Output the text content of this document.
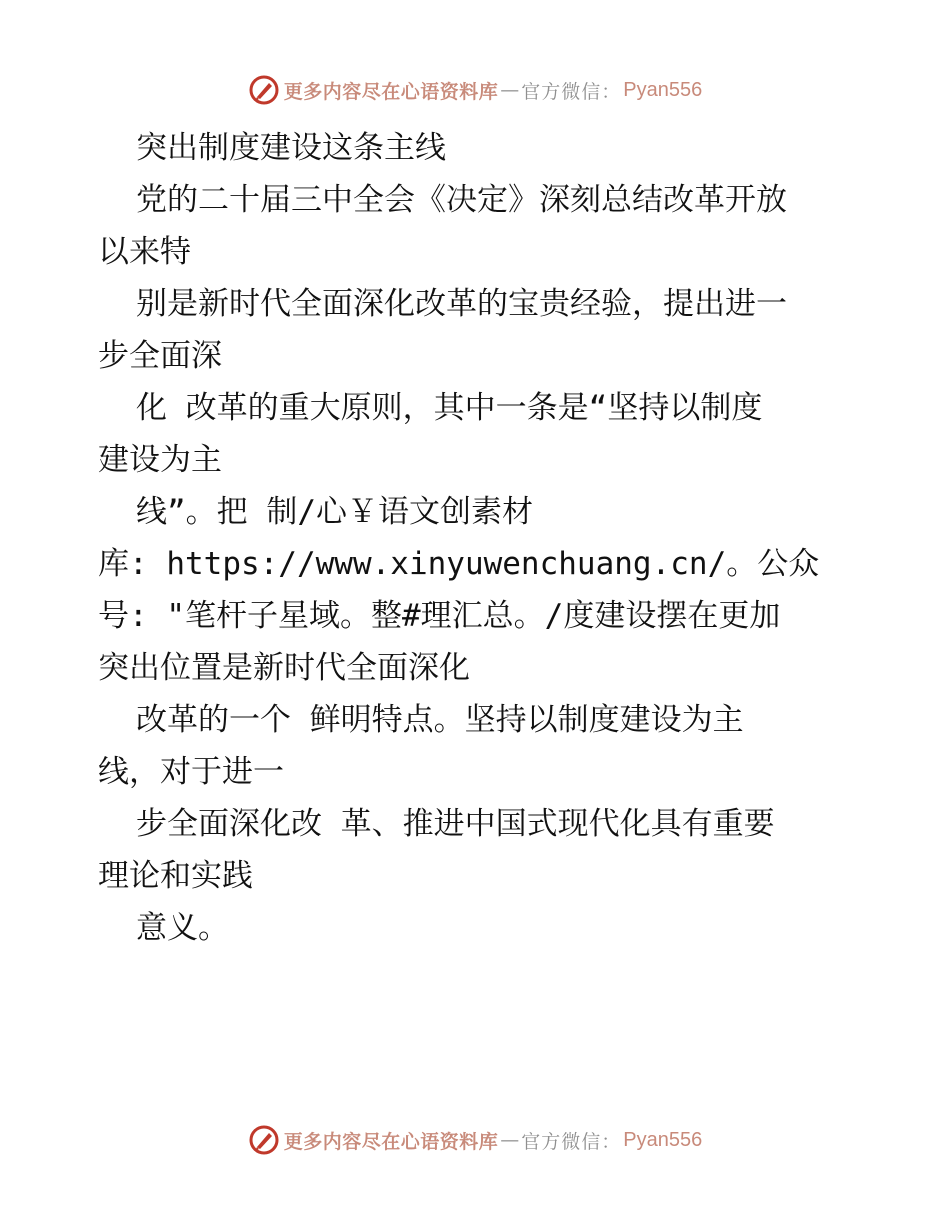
更多内容尽在心语资料库 — 官方微信： Pyan556
突出制度建设这条主线
党的二十届三中全会《决定》深刻总结改革开放
以来特
别是新时代全面深化改革的宝贵经验，提出进一
步全面深
化 改革的重大原则，其中一条是“坚持以制度
建设为主
线”。把 制/心￥语文创素材
库: https://www.xinyuwenchuang.cn/。公众
号: "笔杆子星域。整#理汇总。/度建设摆在更加
突出位置是新时代全面深化
改革的一个 鲜明特点。坚持以制度建设为主
线，对于进一
步全面深化改 革、推进中国式现代化具有重要
理论和实践
意义。
更多内容尽在心语资料库 — 官方微信： Pyan556
